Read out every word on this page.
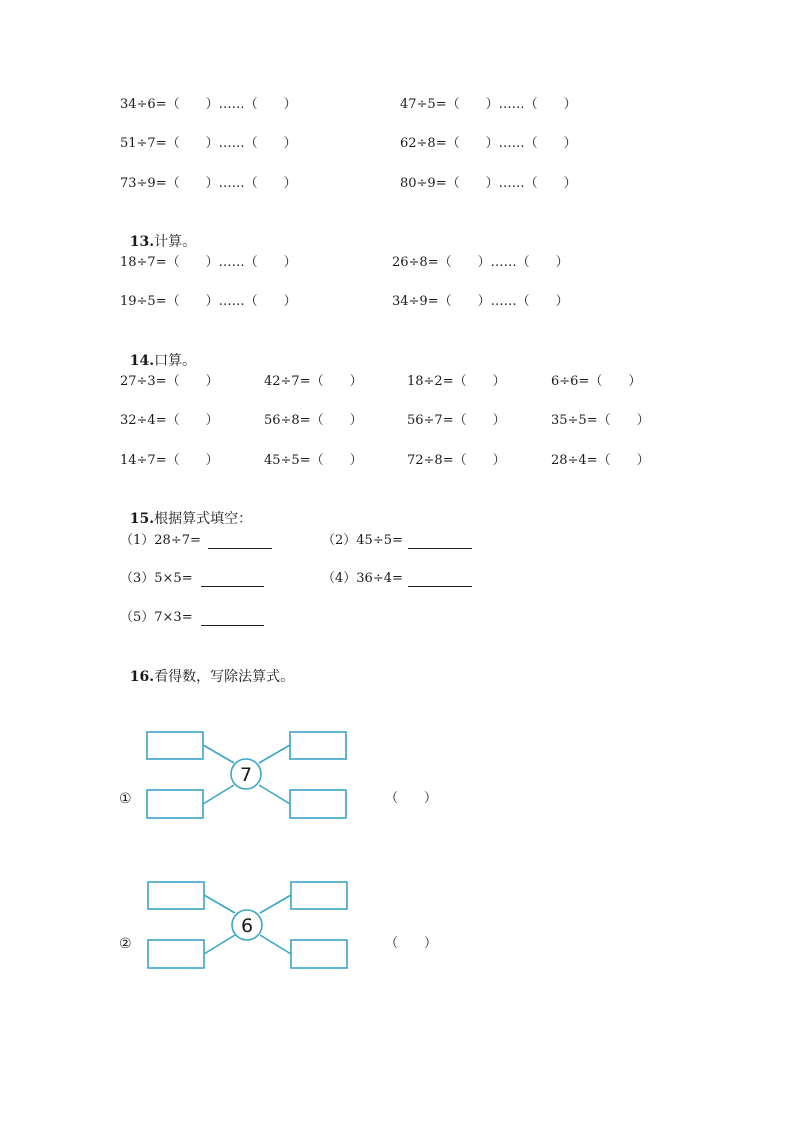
34÷6=（　　）……（　　）	47÷5=（　　）……（　　）
51÷7=（　　）……（　　）	62÷8=（　　）……（　　）
73÷9=（　　）……（　　）	80÷9=（　　）……（　　）

13.计算。

18÷7=（　　）……（　　）	26÷8=（　　）……（　　）
19÷5=（　　）……（　　）	34÷9=（　　）……（　　）

14.口算。

27÷3=（　　）	42÷7=（　　）	18÷2=（　　）	6÷6=（　　）
32÷4=（　　）	56÷8=（　　）	56÷7=（　　）	35÷5=（　　）
14÷7=（　　）	45÷5=（　　）	72÷8=（　　）	28÷4=（　　）

15.根据算式填空：

（1）28÷7=	（2）45÷5=
（3）5×5=	（4）36÷4=
（5）7×3=

16.看得数，写除法算式。

①
7
（　　）
②
6
（　　）
